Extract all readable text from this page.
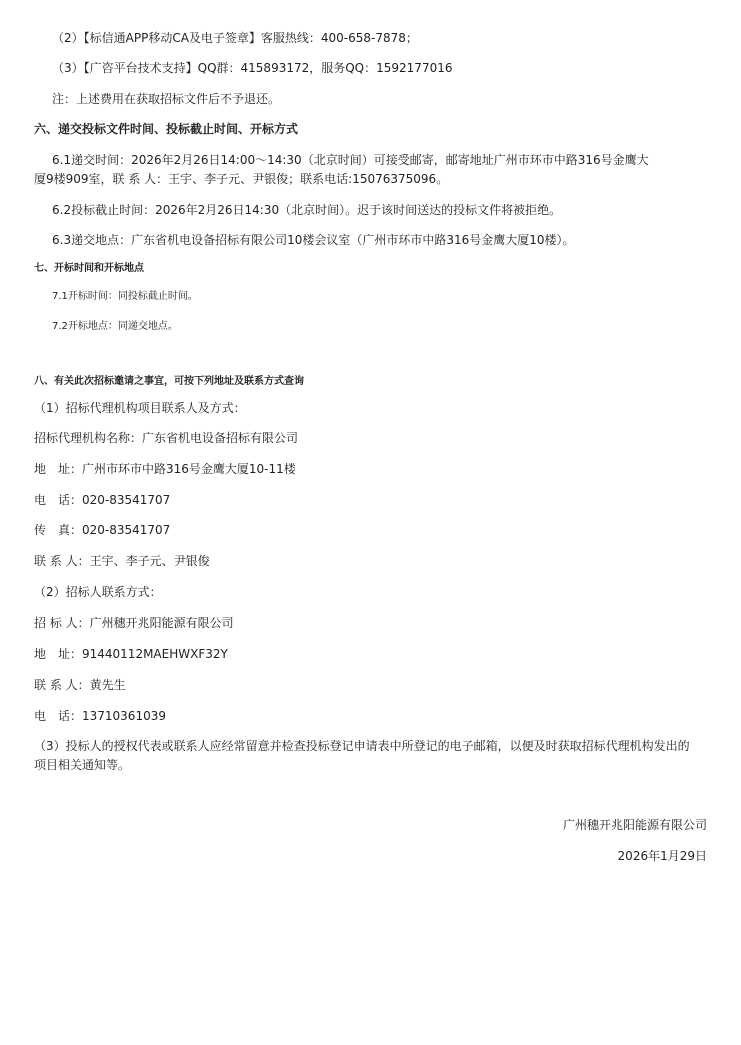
（2）【标信通APP移动CA及电子签章】客服热线：400-658-7878；
（3）【广咨平台技术支持】QQ群：415893172，服务QQ：1592177016
注：上述费用在获取招标文件后不予退还。
六、递交投标文件时间、投标截止时间、开标方式
6.1递交时间：2026年2月26日14:00～14:30（北京时间）可接受邮寄，邮寄地址广州市环市中路316号金鹰大
厦9楼909室，联 系 人：王宇、李子元、尹银俊；联系电话:15076375096。
6.2投标截止时间：2026年2月26日14:30（北京时间）。迟于该时间送达的投标文件将被拒绝。
6.3递交地点：广东省机电设备招标有限公司10楼会议室（广州市环市中路316号金鹰大厦10楼）。
七、开标时间和开标地点
7.1开标时间：同投标截止时间。
7.2开标地点：同递交地点。
八、有关此次招标邀请之事宜，可按下列地址及联系方式查询
（1）招标代理机构项目联系人及方式：
招标代理机构名称：广东省机电设备招标有限公司
地　址：广州市环市中路316号金鹰大厦10-11楼
电　话：020-83541707
传　真：020-83541707
联 系 人：王宇、李子元、尹银俊
（2）招标人联系方式：
招 标 人：广州穗开兆阳能源有限公司
地　址：91440112MAEHWXF32Y
联 系 人：黄先生
电　话：13710361039
（3）投标人的授权代表或联系人应经常留意并检查投标登记申请表中所登记的电子邮箱，以便及时获取招标代理机构发出的
项目相关通知等。
广州穗开兆阳能源有限公司
2026年1月29日
